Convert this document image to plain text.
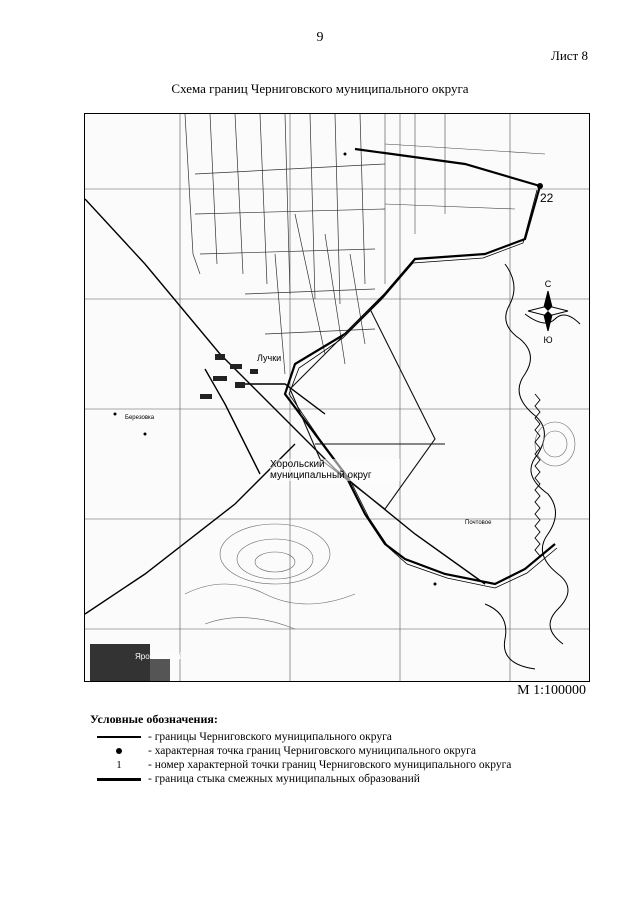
9
Лист 8
Схема границ Черниговского муниципального округа
С
Ю
22
Лучки
Березовка
Ярославский
Почтовое
Хорольский муниципальный округ
М 1:100000
Условные обозначения:
- границы Черниговского муниципального округа
- характерная точка границ Черниговского муниципального округа
1 - номер характерной точки границ Черниговского муниципального округа
- граница стыка смежных муниципальных образований
